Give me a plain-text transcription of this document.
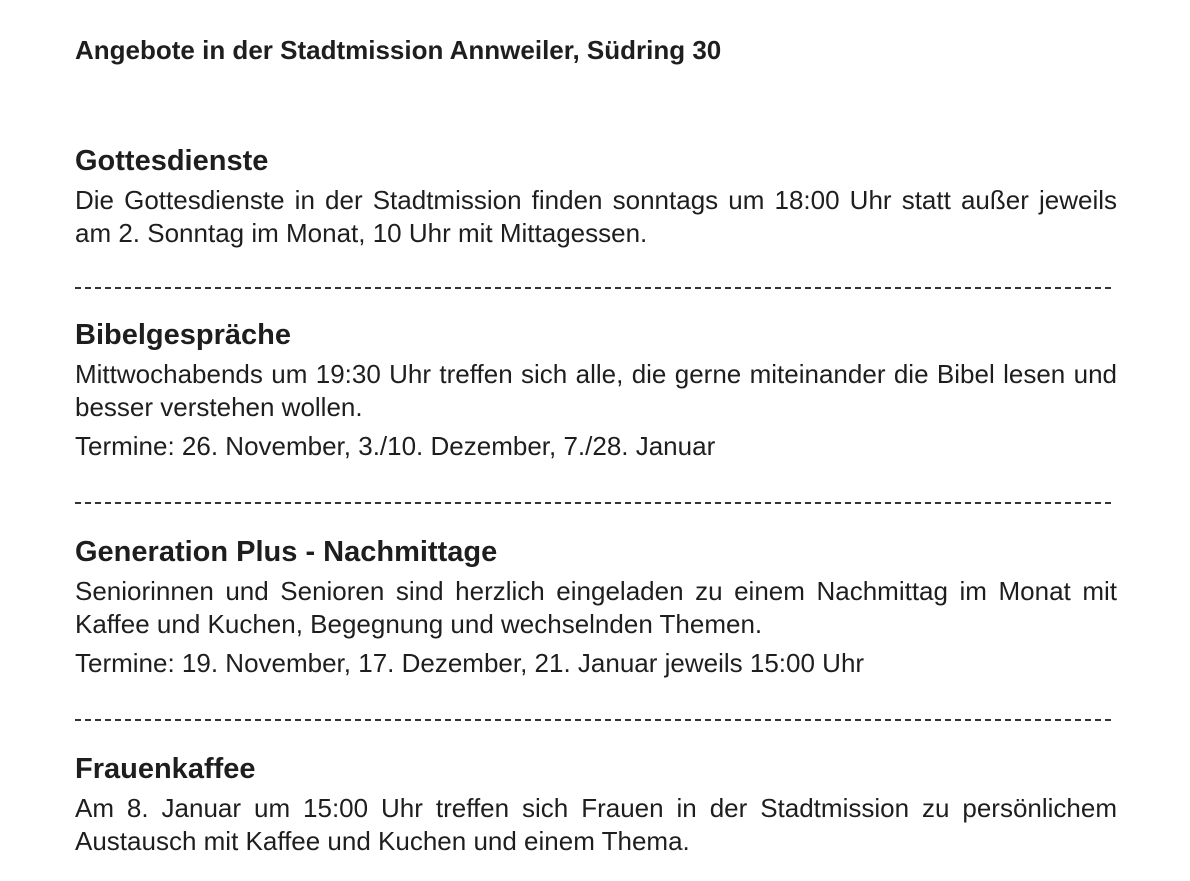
Angebote in der Stadtmission Annweiler, Südring 30
Gottesdienste

Die Gottesdienste in der Stadtmission finden sonntags um 18:00 Uhr statt außer jeweils am 2. Sonntag im Monat, 10 Uhr mit Mittagessen.

Bibelgespräche

Mittwochabends um 19:30 Uhr treffen sich alle, die gerne miteinander die Bibel lesen und besser verstehen wollen.

Termine: 26. November, 3./10. Dezember, 7./28. Januar

Generation Plus - Nachmittage

Seniorinnen und Senioren sind herzlich eingeladen zu einem Nachmittag im Monat mit Kaffee und Kuchen, Begegnung und wechselnden Themen.

Termine: 19. November, 17. Dezember, 21. Januar jeweils 15:00 Uhr

Frauenkaffee

Am 8. Januar um 15:00 Uhr treffen sich Frauen in der Stadtmission zu persönlichem Austausch mit Kaffee und Kuchen und einem Thema.
